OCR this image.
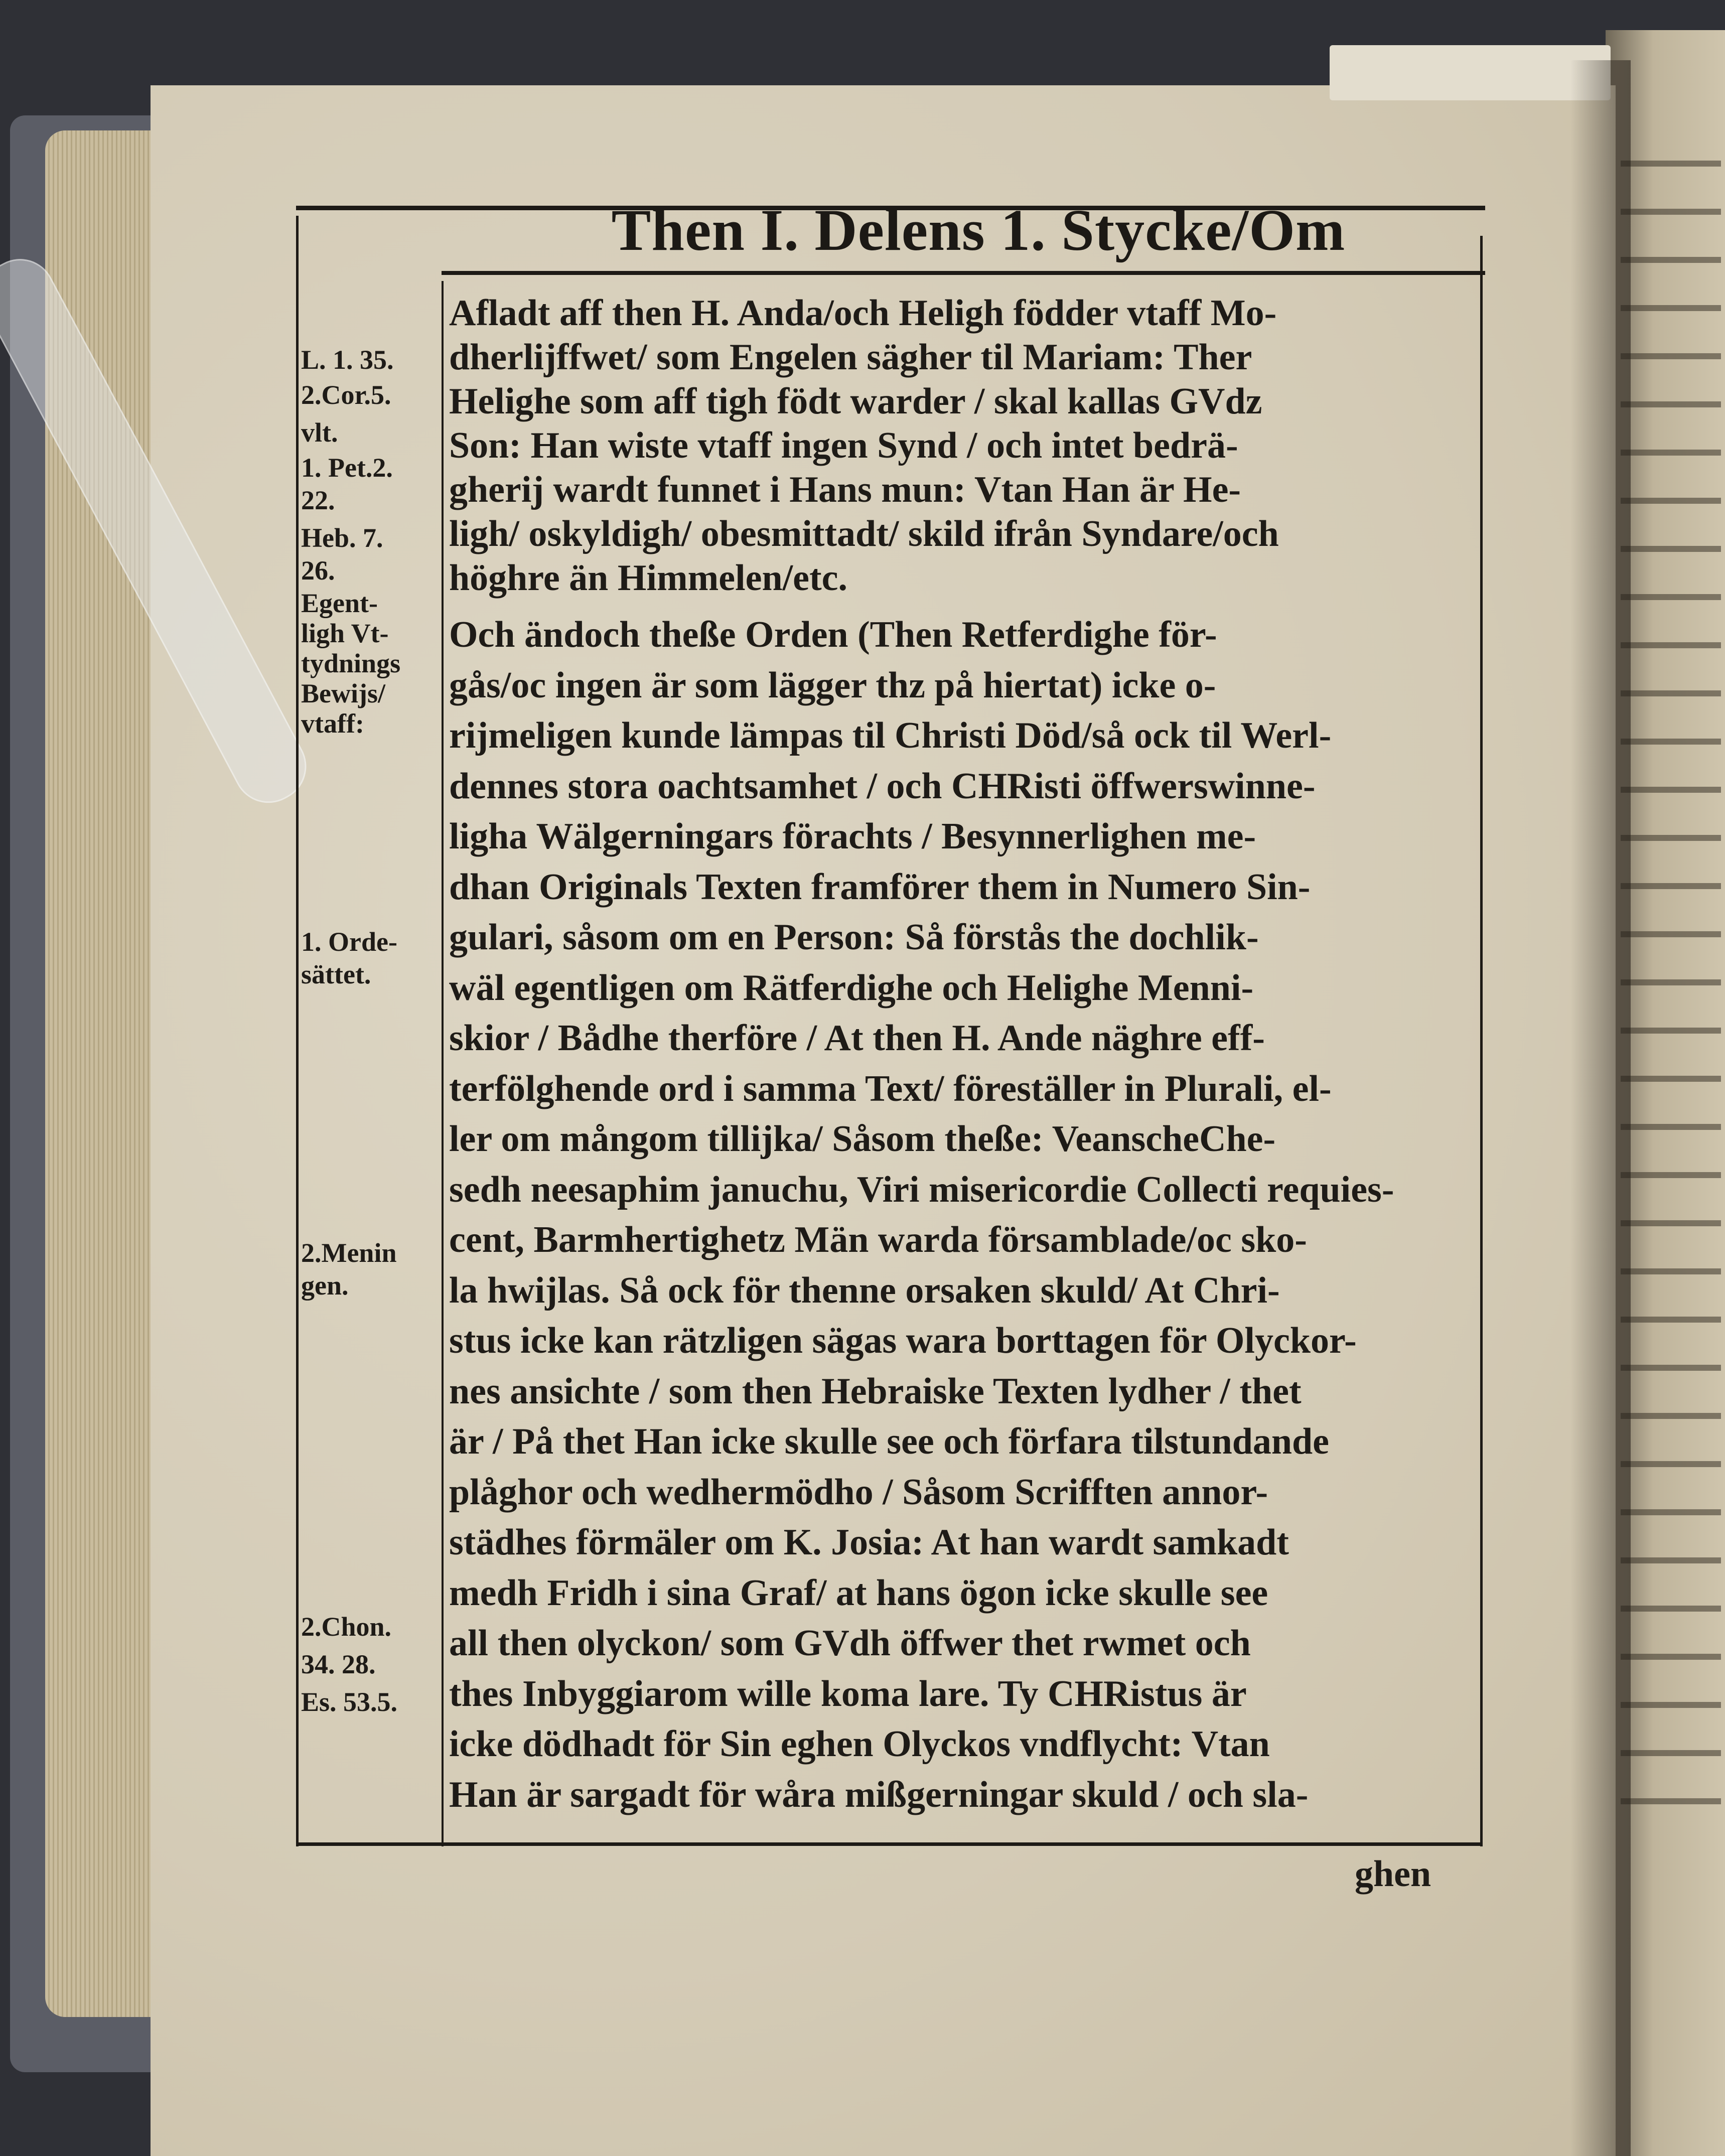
Then I. Delens 1. Stycke/Om
Afladt aff then H. Anda/och Heligh födder vtaff Mo-
dherlijffwet/ som Engelen sägher til Mariam: Ther
Helighe som aff tigh födt warder / skal kallas GVdz
Son: Han wiste vtaff ingen Synd / och intet bedrä-
gherij wardt funnet i Hans mun: Vtan Han är He-
ligh/ oskyldigh/ obesmittadt/ skild ifrån Syndare/och
höghre än Himmelen/etc.
Och ändoch theße Orden (Then Retferdighe för-
gås/oc ingen är som lägger thz på hiertat) icke o-
rijmeligen kunde lämpas til Christi Död/så ock til Werl-
dennes stora oachtsamhet / och CHRisti öffwerswinne-
ligha Wälgerningars förachts / Besynnerlighen me-
dhan Originals Texten framförer them in Numero Sin-
gulari, såsom om en Person: Så förstås the dochlik-
wäl egentligen om Rätferdighe och Helighe Menni-
skior / Bådhe therföre / At then H. Ande näghre eff-
terfölghende ord i samma Text/ föreställer in Plurali, el-
ler om mångom tillijka/ Såsom theße: VeanscheChe-
sedh neesaphim januchu, Viri misericordie Collecti requies-
cent, Barmhertighetz Män warda församblade/oc sko-
la hwijlas. Så ock för thenne orsaken skuld/ At Chri-
stus icke kan rätzligen sägas wara borttagen för Olyckor-
nes ansichte / som then Hebraiske Texten lydher / thet
är / På thet Han icke skulle see och förfara tilstundande
plåghor och wedhermödho / Såsom Scrifften annor-
städhes förmäler om K. Josia: At han wardt samkadt
medh Fridh i sina Graf/ at hans ögon icke skulle see
all then olyckon/ som GVdh öffwer thet rwmet och
thes Inbyggiarom wille koma lare. Ty CHRistus är
icke dödhadt för Sin eghen Olyckos vndflycht: Vtan
Han är sargadt för wåra mißgerningar skuld / och sla-
L. 1. 35.
2.Cor.5.
vlt.
1. Pet.2.
22.
Heb. 7.
26.
Egent-
ligh Vt-
tydnings
Bewijs/
vtaff:
1. Orde-
sättet.
2.Menin
gen.
2.Chon.
34. 28.
Es. 53.5.
ghen
